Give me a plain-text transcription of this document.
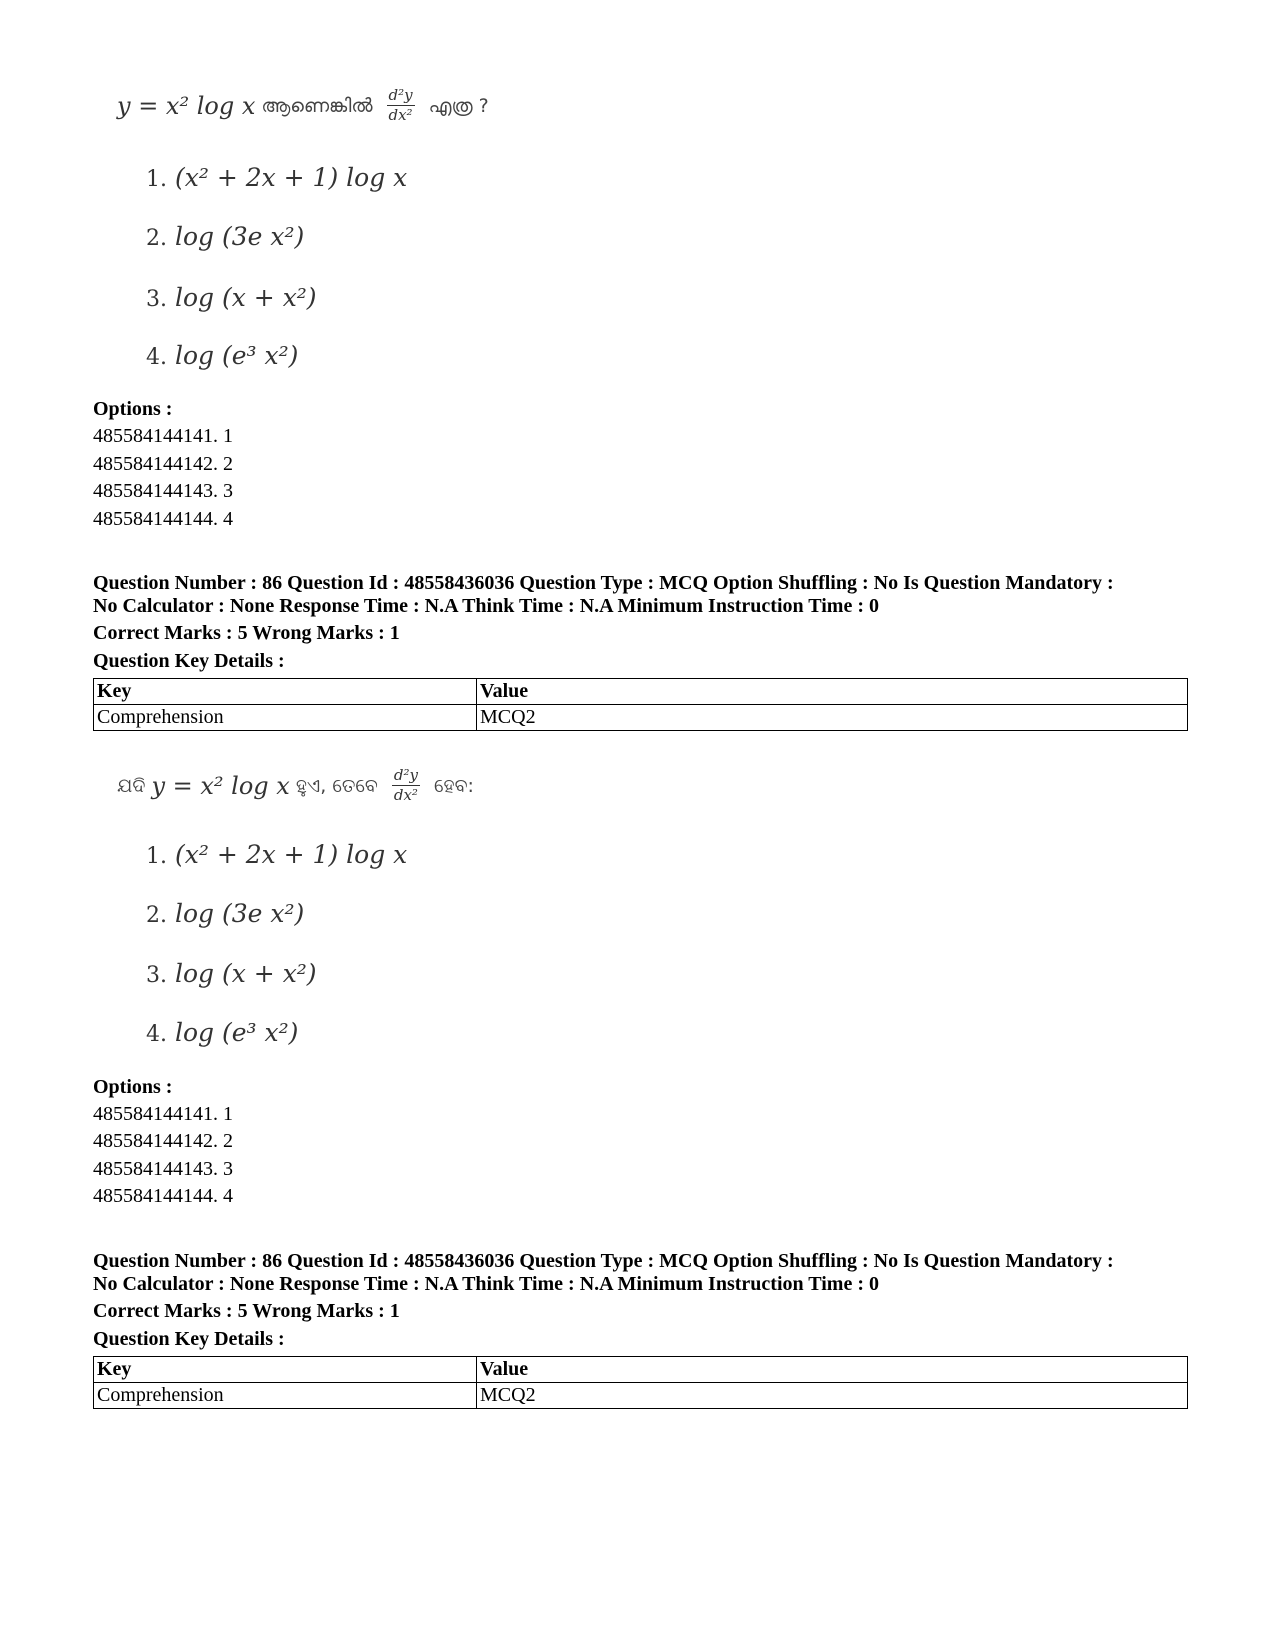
y = x² log x ആണെങ്കിൽ $\frac{\text{d²y}}{\text{dx²}}$ എത്ര ?
1. (x² + 2x + 1) log x
2. log (3e x²)
3. log (x + x²)
4. log (e³ x²)
Options :
485584144141. 1
485584144142. 2
485584144143. 3
485584144144. 4
Question Number : 86 Question Id : 48558436036 Question Type : MCQ Option Shuffling : No Is Question Mandatory :
No Calculator : None Response Time : N.A Think Time : N.A Minimum Instruction Time : 0
Correct Marks : 5 Wrong Marks : 1
Question Key Details :
Key	Value
Comprehension	MCQ2
ଯଦି y = x² log x ହୁଏ, ତେବେ $\frac{\text{d²y}}{\text{dx²}}$ ହେବ:
1. (x² + 2x + 1) log x
2. log (3e x²)
3. log (x + x²)
4. log (e³ x²)
Options :
485584144141. 1
485584144142. 2
485584144143. 3
485584144144. 4
Question Number : 86 Question Id : 48558436036 Question Type : MCQ Option Shuffling : No Is Question Mandatory :
No Calculator : None Response Time : N.A Think Time : N.A Minimum Instruction Time : 0
Correct Marks : 5 Wrong Marks : 1
Question Key Details :
Key	Value
Comprehension	MCQ2
